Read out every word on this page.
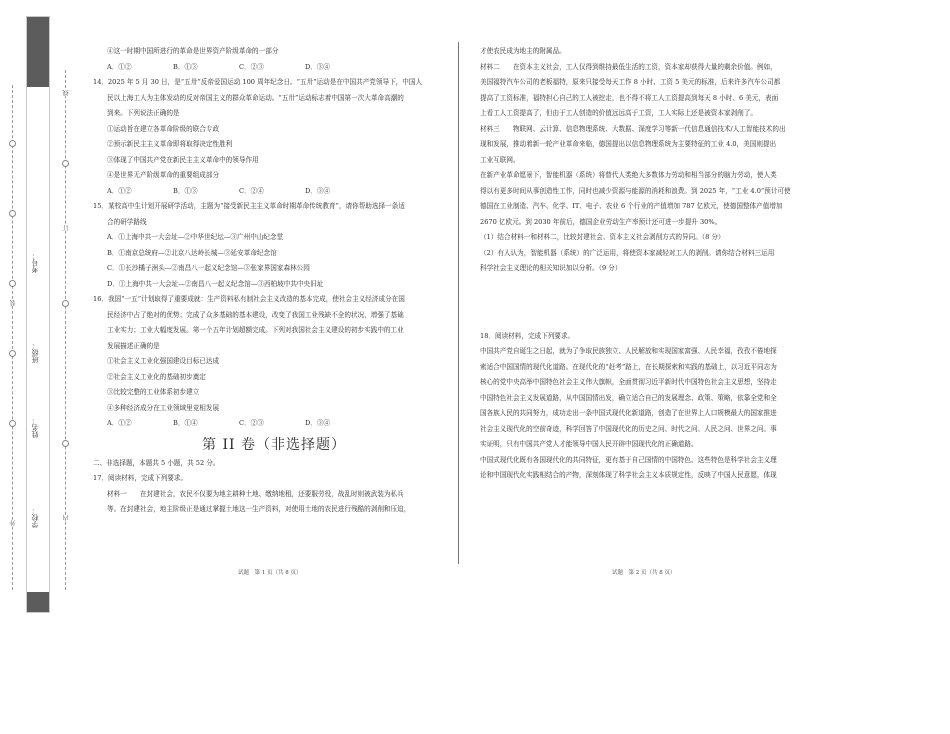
外
装
内
订
线
考号：
班级：
姓名：
学校：
④这一时期中国所进行的革命是世界资产阶级革命的一部分
A．①②	B．①③	C．②③	D．③④
14．2025 年 5 月 30 日，是“五卅”反帝爱国运动 100 周年纪念日。“五卅”运动是在中国共产党领导下，中国人
民以上海工人为主体发动的反对帝国主义的群众革命运动。“五卅”运动标志着中国第一次大革命高潮的
到来。下列说法正确的是
①运动旨在建立各革命阶级的联合专政
②预示新民主主义革命即将取得决定性胜利
③体现了中国共产党在新民主主义革命中的领导作用
④是世界无产阶级革命的重要组成部分
A．①②	B．①③	C．②④	D．③④
15．某校高中生计划开展研学活动，主题为“接受新民主主义革命时期革命传统教育”，请你帮助选择一条适
合的研学路线
A．①上海中共一大会址—②中华世纪坛—③广州中山纪念堂
B．①南京总统府—②北京八达岭长城—③延安革命纪念馆
C．①长沙橘子洲头—②南昌八一起义纪念馆—③张家界国家森林公园
D．①上海中共一大会址—②南昌八一起义纪念馆—③西柏坡中共中央旧址
16．我国“一五”计划取得了重要成就：生产资料私有制社会主义改造的基本完成，使社会主义经济成分在国
民经济中占了绝对的优势；完成了众多基础的基本建设，改变了我国工业残缺不全的状况，增强了基础
工业实力；工业大幅度发展。第一个五年计划超额完成。下列对我国社会主义建设的初步实践中的工业
发展描述正确的是
①社会主义工业化强国建设目标已达成
②社会主义工业化的基础初步奠定
③比较完整的工业体系初步建立
④多种经济成分在工业领域里竞相发展
A．①②	B．①④	C．②③	D．③④
第 II 卷（非选择题）
二、非选择题，本题共 5 小题，共 52 分。
17．阅读材料，完成下列要求。
材料一　　在封建社会，农民不仅要为地主耕种土地、缴纳地租，还要服劳役，战乱时则被武装为私兵
等。在封建社会，地主阶级正是通过掌握土地这一生产资料，对使用土地的农民进行残酷的剥削和压迫，
才使农民成为地主的附属品。
材料二　　在资本主义社会，工人仅得到维持最低生活的工资，资本家却获得大量的剩余价值。例如，
美国福特汽车公司的老板福特，原来只接受每天工作 8 小时、工资 5 美元的标准，后来许多汽车公司都
提高了工资标准，福特担心自己的工人被挖走，也不得不将工人工资提高到每天 8 小时、6 美元，表面
上看工人工资提高了，但由于工人创造的价值远远高于工资，工人实际上还是被资本家剥削了。
材料三　　物联网、云计算、信息物理系统、大数据、深度学习等新一代信息通信技术/人工智能技术的出
现和发展，推动着新一轮产业革命来临，德国提出以信息物理系统为主要特征的工业 4.0，美国则提出
工业互联网。
在新产业革命愿景下，智能机器（系统）将替代人类绝大多数体力劳动和相当部分的脑力劳动，使人类
得以有更多时间从事创造性工作，同时也减少资源与能源的消耗和浪费。到 2025 年，“工业 4.0”预计可使
德国在工业制造、汽车、化学、IT、电子、农业 6 个行业的产值增加 787 亿欧元，使德国整体产值增加
2670 亿欧元。到 2030 年前后，德国企业劳动生产率预计还可进一步提升 30%。
（1）结合材料一和材料二，比较封建社会、资本主义社会剥削方式的异同。（8 分）
（2）有人认为，智能机器（系统）的广泛运用，将使资本家减轻对工人的剥削。请你结合材料三运用
科学社会主义理论的相关知识加以分析。（9 分）
18．阅读材料，完成下列要求。
中国共产党自诞生之日起，就为了争取民族独立、人民解放和实现国家富强、人民幸福，孜孜不倦地探
索适合中国国情的现代化道路。在现代化的“赶考”路上，在长期探索和实践的基础上，以习近平同志为
核心的党中央高举中国特色社会主义伟大旗帜，全面贯彻习近平新时代中国特色社会主义思想，坚持走
中国特色社会主义发展道路，从中国国情出发，确立适合自己的发展理念、政策、策略，依靠全党和全
国各族人民的共同努力，成功走出一条中国式现代化新道路，创造了在世界上人口规模最大的国家推进
社会主义现代化的空前奇迹，科学回答了中国现代化的历史之问、时代之问、人民之问、世界之问。事
实证明，只有中国共产党人才能领导中国人民开辟中国现代化的正确道路。
中国式现代化既有各国现代化的共同特征，更有基于自己国情的中国特色。这些特色是科学社会主义理
论和中国现代化实践相结合的产物，深刻体现了科学社会主义本质规定性，反映了中国人民意愿，体现
试题　第 1 页（共 8 页）	试题　第 2 页（共 8 页）
